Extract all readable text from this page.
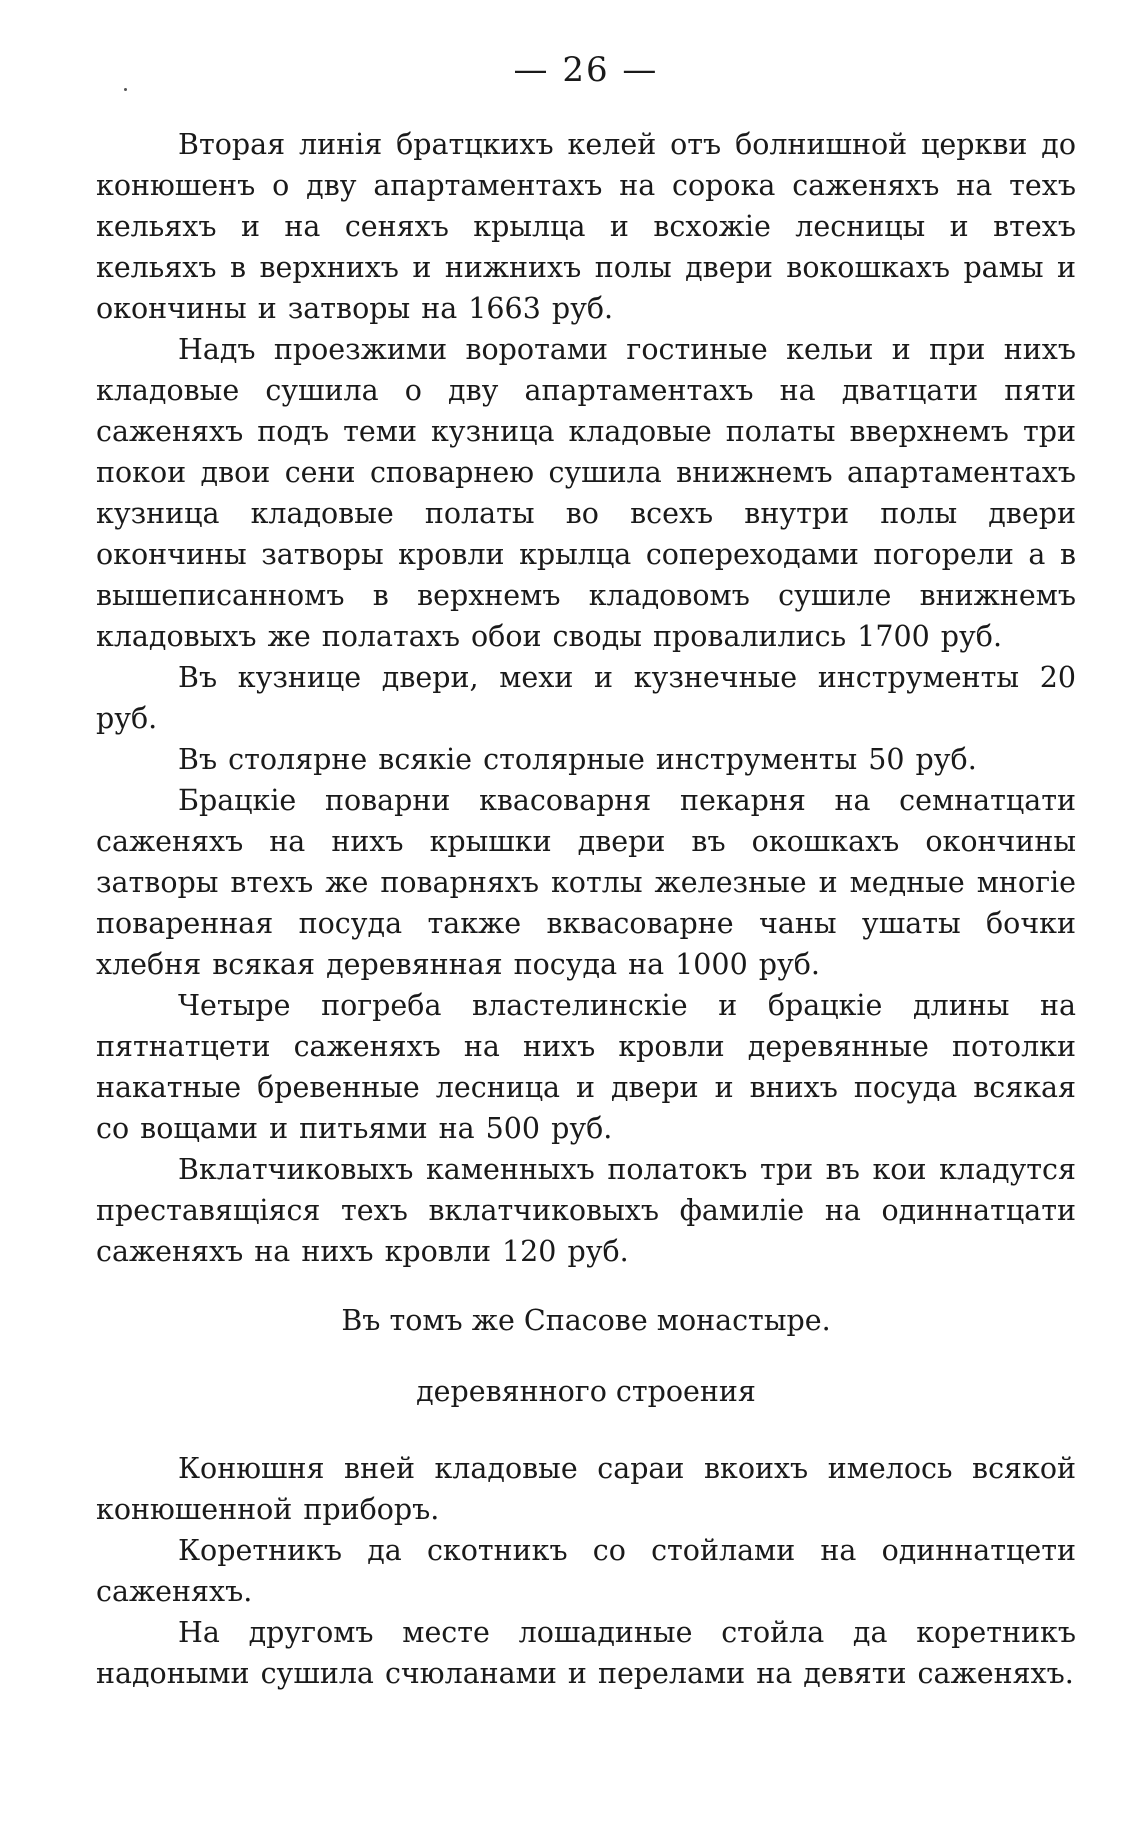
— 26 —

Вторая линія братцкихъ келей отъ болнишной церкви до конюшенъ о дву апартаментахъ на сорока саженяхъ на техъ кельяхъ и на сеняхъ крылца и всхожіе лесницы и втехъ кельяхъ в верхнихъ и нижнихъ полы двери вокошкахъ рамы и окончины и затворы на 1663 руб.

Надъ проезжими воротами гостиные кельи и при нихъ кладовые сушила о дву апартаментахъ на дватцати пяти саженяхъ подъ теми кузница кладовые полаты вверхнемъ три покои двои сени споварнею сушила внижнемъ апартаментахъ кузница кладовые полаты во всехъ внутри полы двери окончины затворы кровли крылца сопереходами погорели а в вышеписанномъ в верхнемъ кладовомъ сушиле внижнемъ кладовыхъ же полатахъ обои своды провалились 1700 руб.

Въ кузнице двери, мехи и кузнечные инструменты 20 руб.

Въ столярне всякіе столярные инструменты 50 руб.

Брацкіе поварни квасоварня пекарня на семнатцати саженяхъ на нихъ крышки двери въ окошкахъ окончины затворы втехъ же поварняхъ котлы железные и медные многіе поваренная посуда также вквасоварне чаны ушаты бочки хлебня всякая деревянная посуда на 1000 руб.

Четыре погреба властелинскіе и брацкіе длины на пятнатцети саженяхъ на нихъ кровли деревянные потолки накатные бревенные лесница и двери и внихъ посуда всякая со вощами и питьями на 500 руб.

Вклатчиковыхъ каменныхъ полатокъ три въ кои кладутся преставящіяся техъ вклатчиковыхъ фамиліе на одиннатцати саженяхъ на нихъ кровли 120 руб.

Въ томъ же Спасове монастыре.

деревянного строения

Конюшня вней кладовые сараи вкоихъ имелось всякой конюшенной приборъ.

Коретникъ да скотникъ со стойлами на одиннатцети саженяхъ.

На другомъ месте лошадиные стойла да коретникъ надоными сушила счюланами и перелами на девяти саженяхъ.
